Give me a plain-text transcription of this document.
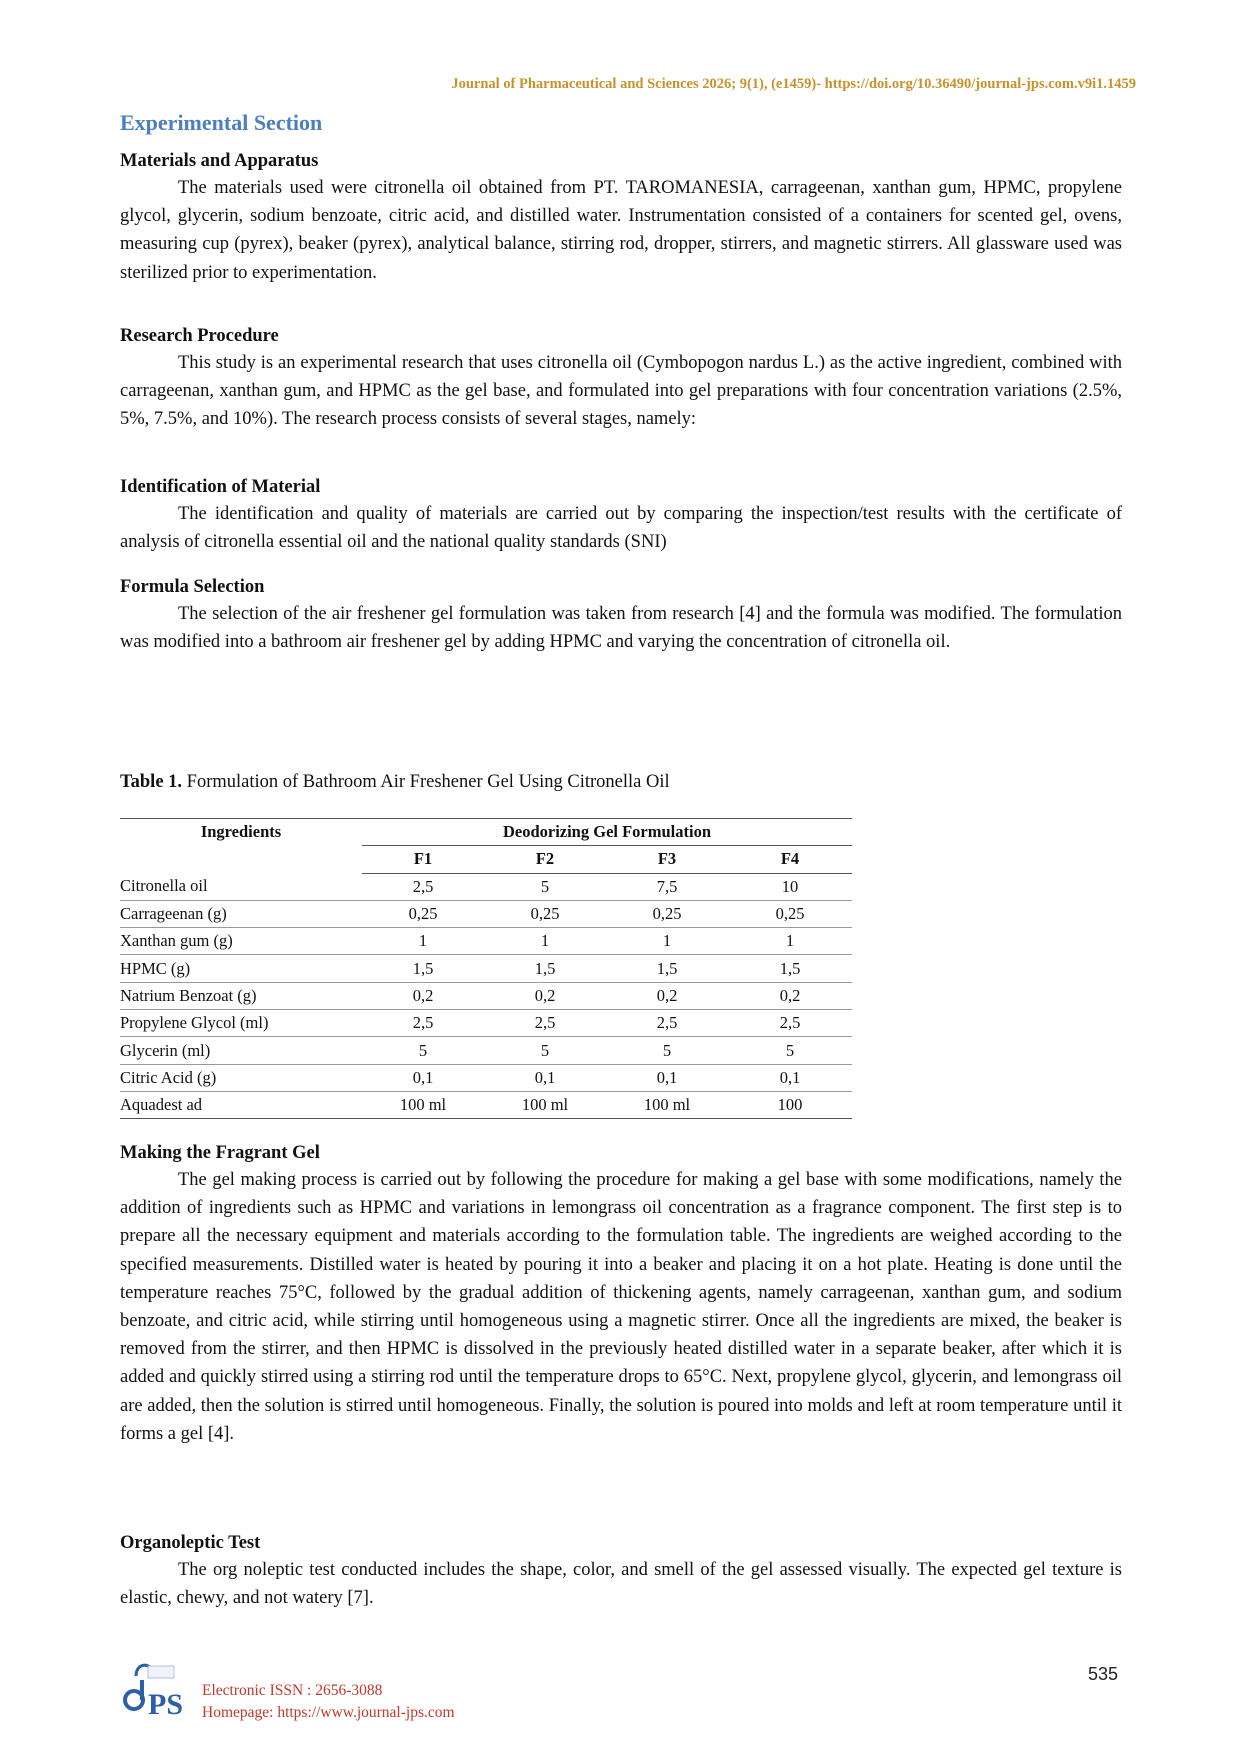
Journal of Pharmaceutical and Sciences 2026; 9(1), (e1459)- https://doi.org/10.36490/journal-jps.com.v9i1.1459
Experimental Section

Materials and Apparatus

The materials used were citronella oil obtained from PT. TAROMANESIA, carrageenan, xanthan gum, HPMC, propylene glycol, glycerin, sodium benzoate, citric acid, and distilled water. Instrumentation consisted of a containers for scented gel, ovens, measuring cup (pyrex), beaker (pyrex), analytical balance, stirring rod, dropper, stirrers, and magnetic stirrers. All glassware used was sterilized prior to experimentation.

Research Procedure

This study is an experimental research that uses citronella oil (Cymbopogon nardus L.) as the active ingredient, combined with carrageenan, xanthan gum, and HPMC as the gel base, and formulated into gel preparations with four concentration variations (2.5%, 5%, 7.5%, and 10%). The research process consists of several stages, namely:

Identification of Material

The identification and quality of materials are carried out by comparing the inspection/test results with the certificate of analysis of citronella essential oil and the national quality standards (SNI)

Formula Selection

The selection of the air freshener gel formulation was taken from research [4] and the formula was modified. The formulation was modified into a bathroom air freshener gel by adding HPMC and varying the concentration of citronella oil.

Table 1. Formulation of Bathroom Air Freshener Gel Using Citronella Oil
Ingredients	Deodorizing Gel Formulation			
	F1	F2	F3	F4
Citronella oil	2,5	5	7,5	10
Carrageenan (g)	0,25	0,25	0,25	0,25
Xanthan gum (g)	1	1	1	1
HPMC (g)	1,5	1,5	1,5	1,5
Natrium Benzoat (g)	0,2	0,2	0,2	0,2
Propylene Glycol (ml)	2,5	2,5	2,5	2,5
Glycerin (ml)	5	5	5	5
Citric Acid (g)	0,1	0,1	0,1	0,1
Aquadest ad	100 ml	100 ml	100 ml	100

Making the Fragrant Gel

The gel making process is carried out by following the procedure for making a gel base with some modifications, namely the addition of ingredients such as HPMC and variations in lemongrass oil concentration as a fragrance component. The first step is to prepare all the necessary equipment and materials according to the formulation table. The ingredients are weighed according to the specified measurements. Distilled water is heated by pouring it into a beaker and placing it on a hot plate. Heating is done until the temperature reaches 75°C, followed by the gradual addition of thickening agents, namely carrageenan, xanthan gum, and sodium benzoate, and citric acid, while stirring until homogeneous using a magnetic stirrer. Once all the ingredients are mixed, the beaker is removed from the stirrer, and then HPMC is dissolved in the previously heated distilled water in a separate beaker, after which it is added and quickly stirred using a stirring rod until the temperature drops to 65°C. Next, propylene glycol, glycerin, and lemongrass oil are added, then the solution is stirred until homogeneous. Finally, the solution is poured into molds and left at room temperature until it forms a gel [4].

Organoleptic Test

The org noleptic test conducted includes the shape, color, and smell of the gel assessed visually. The expected gel texture is elastic, chewy, and not watery [7].

535
PS Electronic ISSN : 2656-3088
Homepage: https://www.journal-jps.com
